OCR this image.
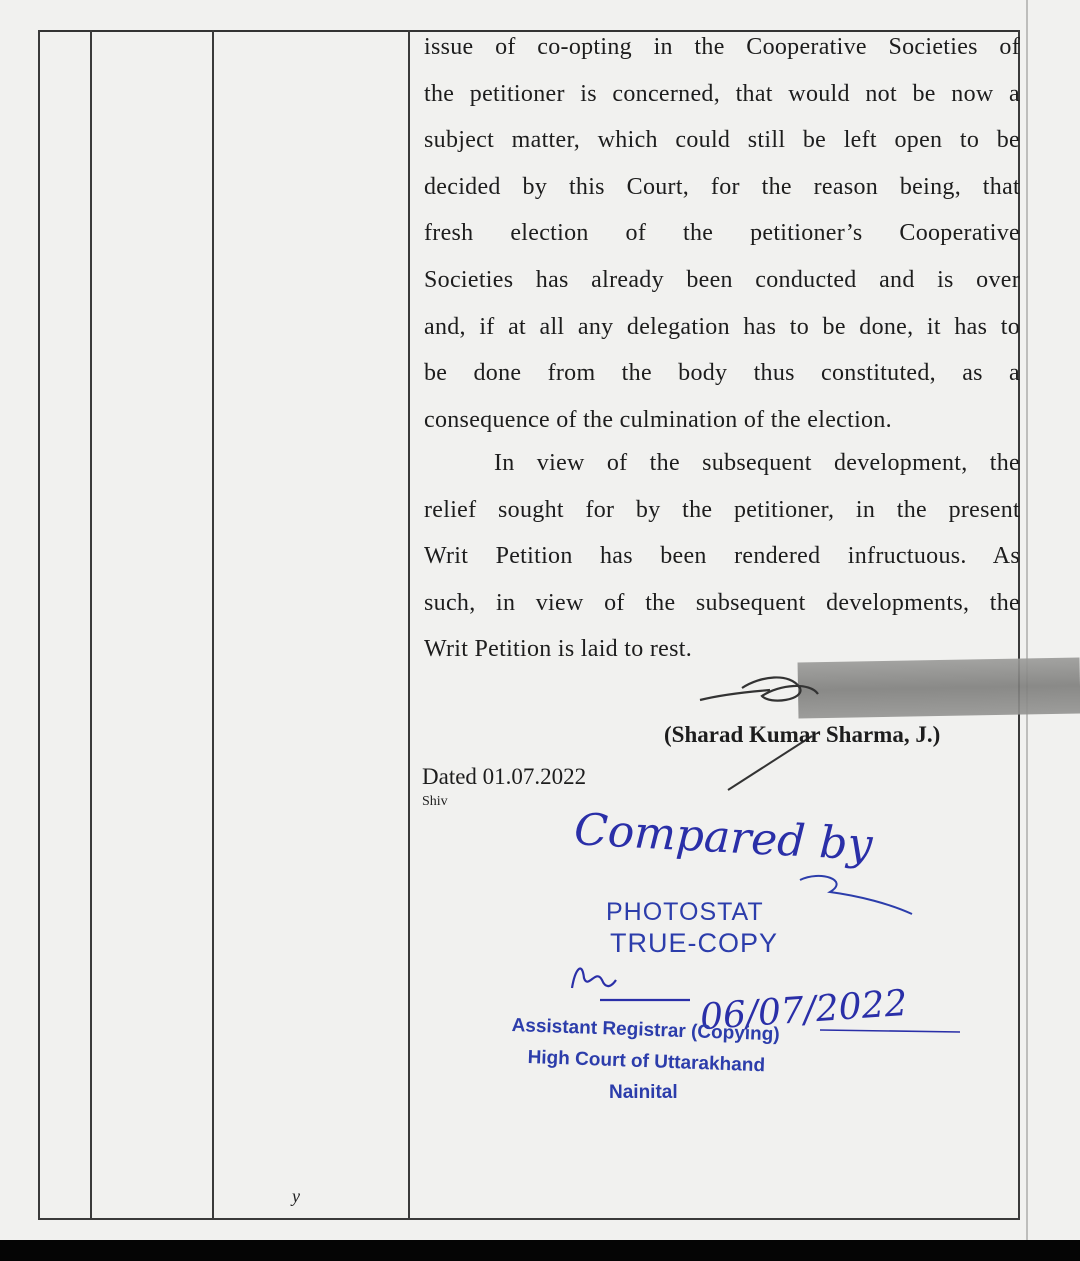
issue of co-opting in the Cooperative Societies of
the petitioner is concerned, that would not be now a
subject matter, which could still be left open to be
decided by this Court, for the reason being, that
fresh election of the petitioner’s Cooperative
Societies has already been conducted and is over
and, if at all any delegation has to be done, it has to
be done from the body thus constituted, as a
consequence of the culmination of the election.
In view of the subsequent development, the
relief sought for by the petitioner, in the present
Writ Petition has been rendered infructuous. As
such, in view of the subsequent developments, the
Writ Petition is laid to rest.
(Sharad Kumar Sharma, J.)
Dated 01.07.2022
Shiv
Compared by
PHOTOSTAT
TRUE-COPY
06/07/2022
Assistant Registrar (Copying)
High Court of Uttarakhand
Nainital
y
